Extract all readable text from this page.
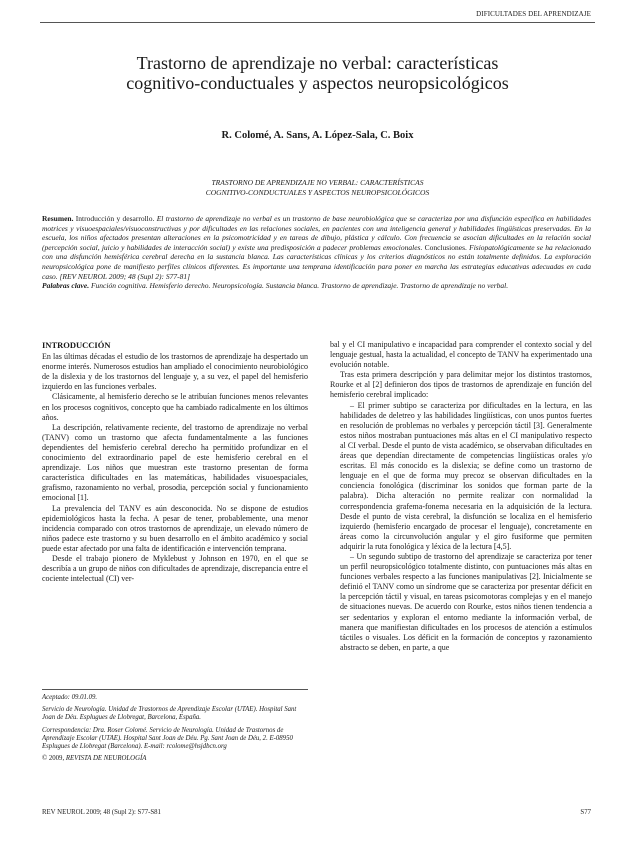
DIFICULTADES DEL APRENDIZAJE
Trastorno de aprendizaje no verbal: características
cognitivo-conductuales y aspectos neuropsicológicos
R. Colomé, A. Sans, A. López-Sala, C. Boix
TRASTORNO DE APRENDIZAJE NO VERBAL: CARACTERÍSTICAS
COGNITIVO-CONDUCTUALES Y ASPECTOS NEUROPSICOLÓGICOS
Resumen. Introducción y desarrollo. El trastorno de aprendizaje no verbal es un trastorno de base neurobiológica que se caracteriza por una disfunción específica en habilidades motrices y visuoespaciales/visuoconstructivas y por dificultades en las relaciones sociales, en pacientes con una inteligencia general y habilidades lingüísticas preservadas. En la escuela, los niños afectados presentan alteraciones en la psicomotricidad y en tareas de dibujo, plástica y cálculo. Con frecuencia se asocian dificultades en la relación social (percepción social, juicio y habilidades de interacción social) y existe una predisposición a padecer problemas emocionales. Conclusiones. Fisiopatológicamente se ha relacionado con una disfunción hemisférica cerebral derecha en la sustancia blanca. Las características clínicas y los criterios diagnósticos no están totalmente definidos. La exploración neuropsicológica pone de manifiesto perfiles clínicos diferentes. Es importante una temprana identificación para poner en marcha las estrategias educativas adecuadas en cada caso. [REV NEUROL 2009; 48 (Supl 2): S77-81]
Palabras clave. Función cognitiva. Hemisferio derecho. Neuropsicología. Sustancia blanca. Trastorno de aprendizaje. Trastorno de aprendizaje no verbal.
INTRODUCCIÓN

En las últimas décadas el estudio de los trastornos de aprendizaje ha despertado un enorme interés. Numerosos estudios han ampliado el conocimiento neurobiológico de la dislexia y de los trastornos del lenguaje y, a su vez, el papel del hemisferio izquierdo en las funciones verbales.

Clásicamente, al hemisferio derecho se le atribuían funciones menos relevantes en los procesos cognitivos, concepto que ha cambiado radicalmente en los últimos años.

La descripción, relativamente reciente, del trastorno de aprendizaje no verbal (TANV) como un trastorno que afecta fundamentalmente a las funciones dependientes del hemisferio cerebral derecho ha permitido profundizar en el conocimiento del extraordinario papel de este hemisferio cerebral en el aprendizaje. Los niños que muestran este trastorno presentan de forma característica dificultades en las matemáticas, habilidades visuoespaciales, grafismo, razonamiento no verbal, prosodia, percepción social y funcionamiento emocional [1].

La prevalencia del TANV es aún desconocida. No se dispone de estudios epidemiológicos hasta la fecha. A pesar de tener, probablemente, una menor incidencia comparado con otros trastornos de aprendizaje, un elevado número de niños padece este trastorno y su buen desarrollo en el ámbito académico y social puede estar afectado por una falta de identificación e intervención temprana.

Desde el trabajo pionero de Myklebust y Johnson en 1970, en el que se describía a un grupo de niños con dificultades de aprendizaje, discrepancia entre el cociente intelectual (CI) ver-

Aceptado: 09.01.09.

Servicio de Neurología. Unidad de Trastornos de Aprendizaje Escolar (UTAE). Hospital Sant Joan de Déu. Esplugues de Llobregat, Barcelona, España.

Correspondencia: Dra. Roser Colomé. Servicio de Neurología. Unidad de Trastornos de Aprendizaje Escolar (UTAE). Hospital Sant Joan de Déu. Pg. Sant Joan de Déu, 2. E-08950 Esplugues de Llobregat (Barcelona). E-mail: rcolome@hsjdbcn.org

© 2009, REVISTA DE NEUROLOGÍA

bal y el CI manipulativo e incapacidad para comprender el contexto social y del lenguaje gestual, hasta la actualidad, el concepto de TANV ha experimentado una evolución notable.

Tras esta primera descripción y para delimitar mejor los distintos trastornos, Rourke et al [2] definieron dos tipos de trastornos de aprendizaje en función del hemisferio cerebral implicado:

– El primer subtipo se caracteriza por dificultades en la lectura, en las habilidades de deletreo y las habilidades lingüísticas, con unos puntos fuertes en resolución de problemas no verbales y percepción táctil [3]. Generalmente estos niños mostraban puntuaciones más altas en el CI manipulativo respecto al CI verbal. Desde el punto de vista académico, se observaban dificultades en áreas que dependían directamente de competencias lingüísticas orales y/o escritas. El más conocido es la dislexia; se define como un trastorno de lenguaje en el que de forma muy precoz se observan dificultades en la conciencia fonológica (discriminar los sonidos que forman parte de la palabra). Dicha alteración no permite realizar con normalidad la correspondencia grafema-fonema necesaria en la adquisición de la lectura. Desde el punto de vista cerebral, la disfunción se localiza en el hemisferio izquierdo (hemisferio encargado de procesar el lenguaje), concretamente en áreas como la circunvolución angular y el giro fusiforme que permiten adquirir la ruta fonológica y léxica de la lectura [4,5].

– Un segundo subtipo de trastorno del aprendizaje se caracteriza por tener un perfil neuropsicológico totalmente distinto, con puntuaciones más altas en funciones verbales respecto a las funciones manipulativas [2]. Inicialmente se definió el TANV como un síndrome que se caracteriza por presentar déficit en la percepción táctil y visual, en tareas psicomotoras complejas y en el manejo de situaciones nuevas. De acuerdo con Rourke, estos niños tienen tendencia a ser sedentarios y exploran el entorno mediante la información verbal, de manera que manifiestan dificultades en los procesos de atención a estímulos táctiles o visuales. Los déficit en la formación de conceptos y razonamiento abstracto se deben, en parte, a que

REV NEUROL 2009; 48 (Supl 2): S77-S81	S77
